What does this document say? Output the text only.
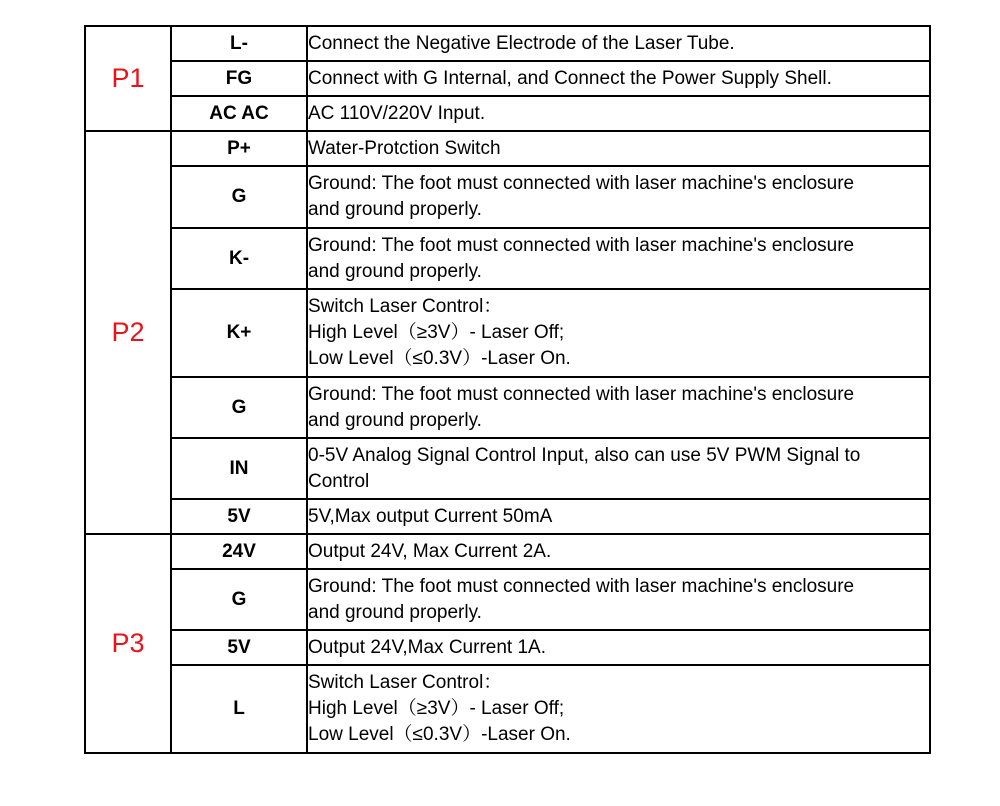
P1	L-	Connect the Negative Electrode of the Laser Tube.

	FG	Connect with G Internal, and Connect the Power Supply Shell.

	AC AC	AC 110V/220V Input.

P2	P+	Water-Protction Switch

	G	Ground: The foot must connected with laser machine's enclosure
and ground properly.

	K-	Ground: The foot must connected with laser machine's enclosure
and ground properly.

	K+	Switch Laser Control：
High Level（≥3V）- Laser Off;
Low Level（≤0.3V）-Laser On.

	G	Ground: The foot must connected with laser machine's enclosure
and ground properly.

	IN	0-5V Analog Signal Control Input, also can use 5V PWM Signal to
Control

	5V	5V,Max output Current 50mA

P3	24V	Output 24V, Max Current 2A.

	G	Ground: The foot must connected with laser machine's enclosure
and ground properly.

	5V	Output 24V,Max Current 1A.

	L	Switch Laser Control：
High Level（≥3V）- Laser Off;
Low Level（≤0.3V）-Laser On.
